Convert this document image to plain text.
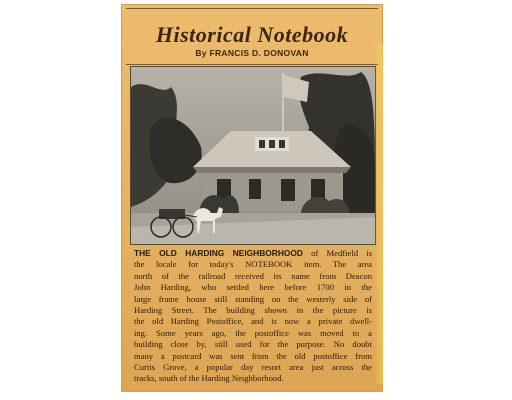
Historical Notebook
By FRANCIS D. DONOVAN
THE OLD HARDING NEIGHBORHOOD of Medfield is
the locale for today's NOTEBOOK item. The area
north of the railroad received its name from Deacon
John Harding, who settled here before 1700 in the
large frame house still standing on the westerly side of
Harding Street. The building shown in the picture is
the old Harding Postoffice, and is now a private dwell-
ing. Some years ago, the postoffice was moved to a
building close by, still used for the purpose. No doubt
many a postcard was sent from the old postoffice from
Curtis Grove, a popular day resort area just across the
tracks, south of the Harding Neighborhood.
